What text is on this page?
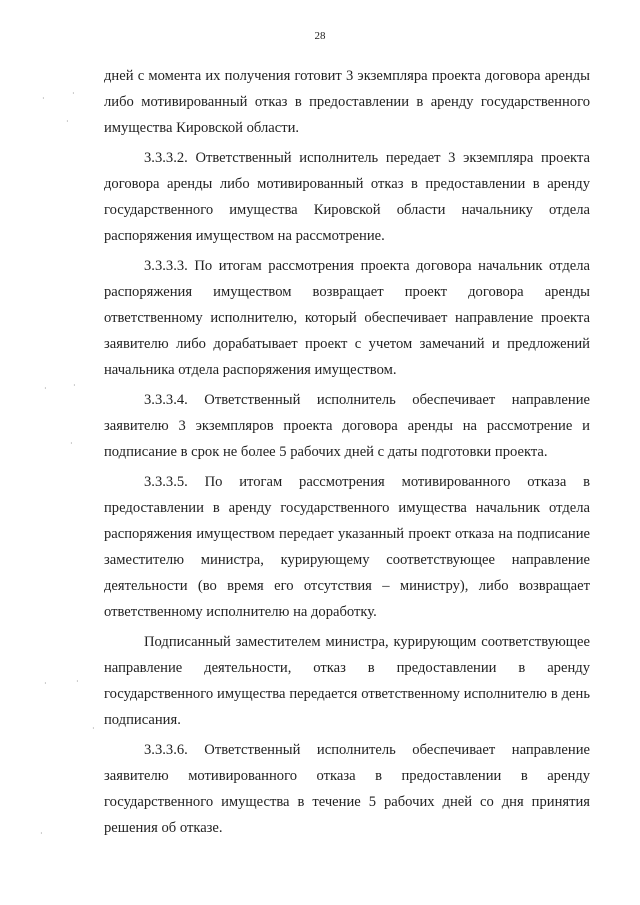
28

дней с момента их получения готовит 3 экземпляра проекта договора аренды либо мотивированный отказ в предоставлении в аренду государственного имущества Кировской области.

3.3.3.2. Ответственный исполнитель передает 3 экземпляра проекта договора аренды либо мотивированный отказ в предоставлении в аренду государственного имущества Кировской области начальнику отдела распоряжения имуществом на рассмотрение.

3.3.3.3. По итогам рассмотрения проекта договора начальник отдела распоряжения имуществом возвращает проект договора аренды ответственному исполнителю, который обеспечивает направление проекта заявителю либо дорабатывает проект с учетом замечаний и предложений начальника отдела распоряжения имуществом.

3.3.3.4. Ответственный исполнитель обеспечивает направление заявителю 3 экземпляров проекта договора аренды на рассмотрение и подписание в срок не более 5 рабочих дней с даты подготовки проекта.

3.3.3.5. По итогам рассмотрения мотивированного отказа в предоставлении в аренду государственного имущества начальник отдела распоряжения имуществом передает указанный проект отказа на подписание заместителю министра, курирующему соответствующее направление деятельности (во время его отсутствия – министру), либо возвращает ответственному исполнителю на доработку.

Подписанный заместителем министра, курирующим соответствующее направление деятельности, отказ в предоставлении в аренду государственного имущества передается ответственному исполнителю в день подписания.

3.3.3.6. Ответственный исполнитель обеспечивает направление заявителю мотивированного отказа в предоставлении в аренду государственного имущества в течение 5 рабочих дней со дня принятия решения об отказе.

·
·
·
·	·
·
·	·
·
·
